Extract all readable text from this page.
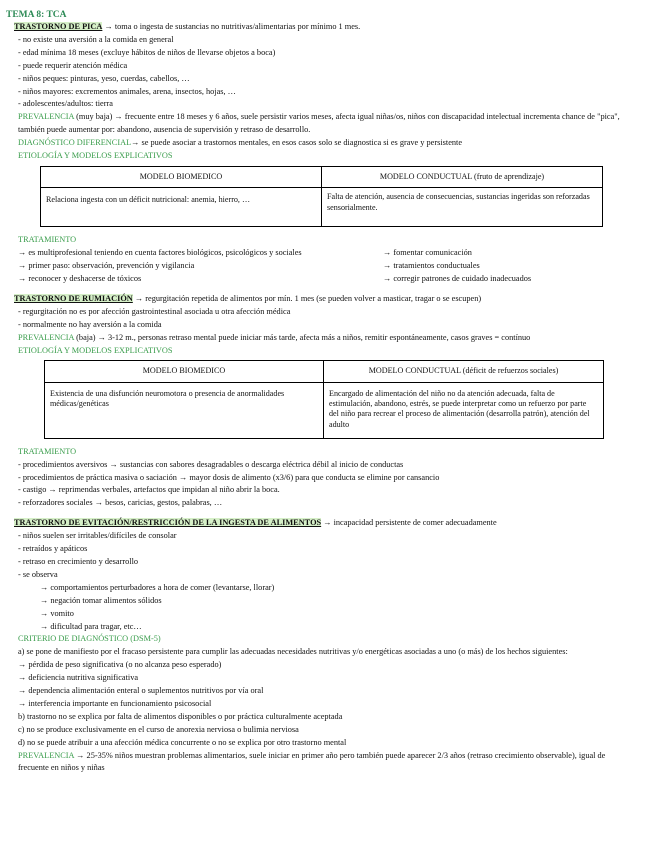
TEMA 8: TCA
TRASTORNO DE PICA → toma o ingesta de sustancias no nutritivas/alimentarias por mínimo 1 mes.
- no existe una aversión a la comida en general
- edad mínima 18 meses (excluye hábitos de niños de llevarse objetos a boca)
- puede requerir atención médica
- niños peques: pinturas, yeso, cuerdas, cabellos, …
- niños mayores: excrementos animales, arena, insectos, hojas, …
- adolescentes/adultos: tierra
PREVALENCIA (muy baja) → frecuente entre 18 meses y 6 años, suele persistir varios meses, afecta igual niñas/os, niños con discapacidad intelectual incrementa chance de "pica", también puede aumentar por: abandono, ausencia de supervisión y retraso de desarrollo.
DIAGNÓSTICO DIFERENCIAL→ se puede asociar a trastornos mentales, en esos casos solo se diagnostica si es grave y persistente
ETIOLOGÍA Y MODELOS EXPLICATIVOS
MODELO BIOMEDICO	MODELO CONDUCTUAL (fruto de aprendizaje)
Relaciona ingesta con un déficit nutricional: anemia, hierro, …	Falta de atención, ausencia de consecuencias, sustancias ingeridas son reforzadas sensorialmente.
TRATAMIENTO
→ es multiprofesional teniendo en cuenta factores biológicos, psicológicos y sociales
→ primer paso: observación, prevención y vigilancia
→ reconocer y deshacerse de tóxicos
→ fomentar comunicación
→ tratamientos conductuales
→ corregir patrones de cuidado inadecuados
TRASTORNO DE RUMIACIÓN → regurgitación repetida de alimentos por mín. 1 mes (se pueden volver a masticar, tragar o se escupen)
- regurgitación no es por afección gastrointestinal asociada u otra afección médica
- normalmente no hay aversión a la comida
PREVALENCIA (baja) → 3-12 m., personas retraso mental puede iniciar más tarde, afecta más a niños, remitir espontáneamente, casos graves = contínuo
ETIOLOGÍA Y MODELOS EXPLICATIVOS
MODELO BIOMEDICO	MODELO CONDUCTUAL (déficit de refuerzos sociales)
Existencia de una disfunción neuromotora o presencia de anormalidades médicas/genéticas	Encargado de alimentación del niño no da atención adecuada, falta de estimulación, abandono, estrés, se puede interpretar como un refuerzo por parte del niño para recrear el proceso de alimentación (desarrolla patrón), atención del adulto
TRATAMIENTO
- procedimientos aversivos → sustancias con sabores desagradables o descarga eléctrica débil al inicio de conductas
- procedimientos de práctica masiva o saciación → mayor dosis de alimento (x3/6) para que conducta se elimine por cansancio
- castigo → reprimendas verbales, artefactos que impidan al niño abrir la boca.
- reforzadores sociales → besos, caricias, gestos, palabras, …
TRASTORNO DE EVITACIÓN/RESTRICCIÓN DE LA INGESTA DE ALIMENTOS → incapacidad persistente de comer adecuadamente
- niños suelen ser irritables/difíciles de consolar
- retraídos y apáticos
- retraso en crecimiento y desarrollo
- se observa
→ comportamientos perturbadores a hora de comer (levantarse, llorar)
→ negación tomar alimentos sólidos
→ vomito
→ dificultad para tragar, etc…
CRITERIO DE DIAGNÓSTICO (DSM-5)
a) se pone de manifiesto por el fracaso persistente para cumplir las adecuadas necesidades nutritivas y/o energéticas asociadas a uno (o más) de los hechos siguientes:
→ pérdida de peso significativa (o no alcanza peso esperado)
→ deficiencia nutritiva significativa
→ dependencia alimentación enteral o suplementos nutritivos por vía oral
→ interferencia importante en funcionamiento psicosocial
b) trastorno no se explica por falta de alimentos disponibles o por práctica culturalmente aceptada
c) no se produce exclusivamente en el curso de anorexia nerviosa o bulimia nerviosa
d) no se puede atribuir a una afección médica concurrente o no se explica por otro trastorno mental
PREVALENCIA → 25-35% niños muestran problemas alimentarios, suele iniciar en primer año pero también puede aparecer 2/3 años (retraso crecimiento observable), igual de frecuente en niños y niñas
